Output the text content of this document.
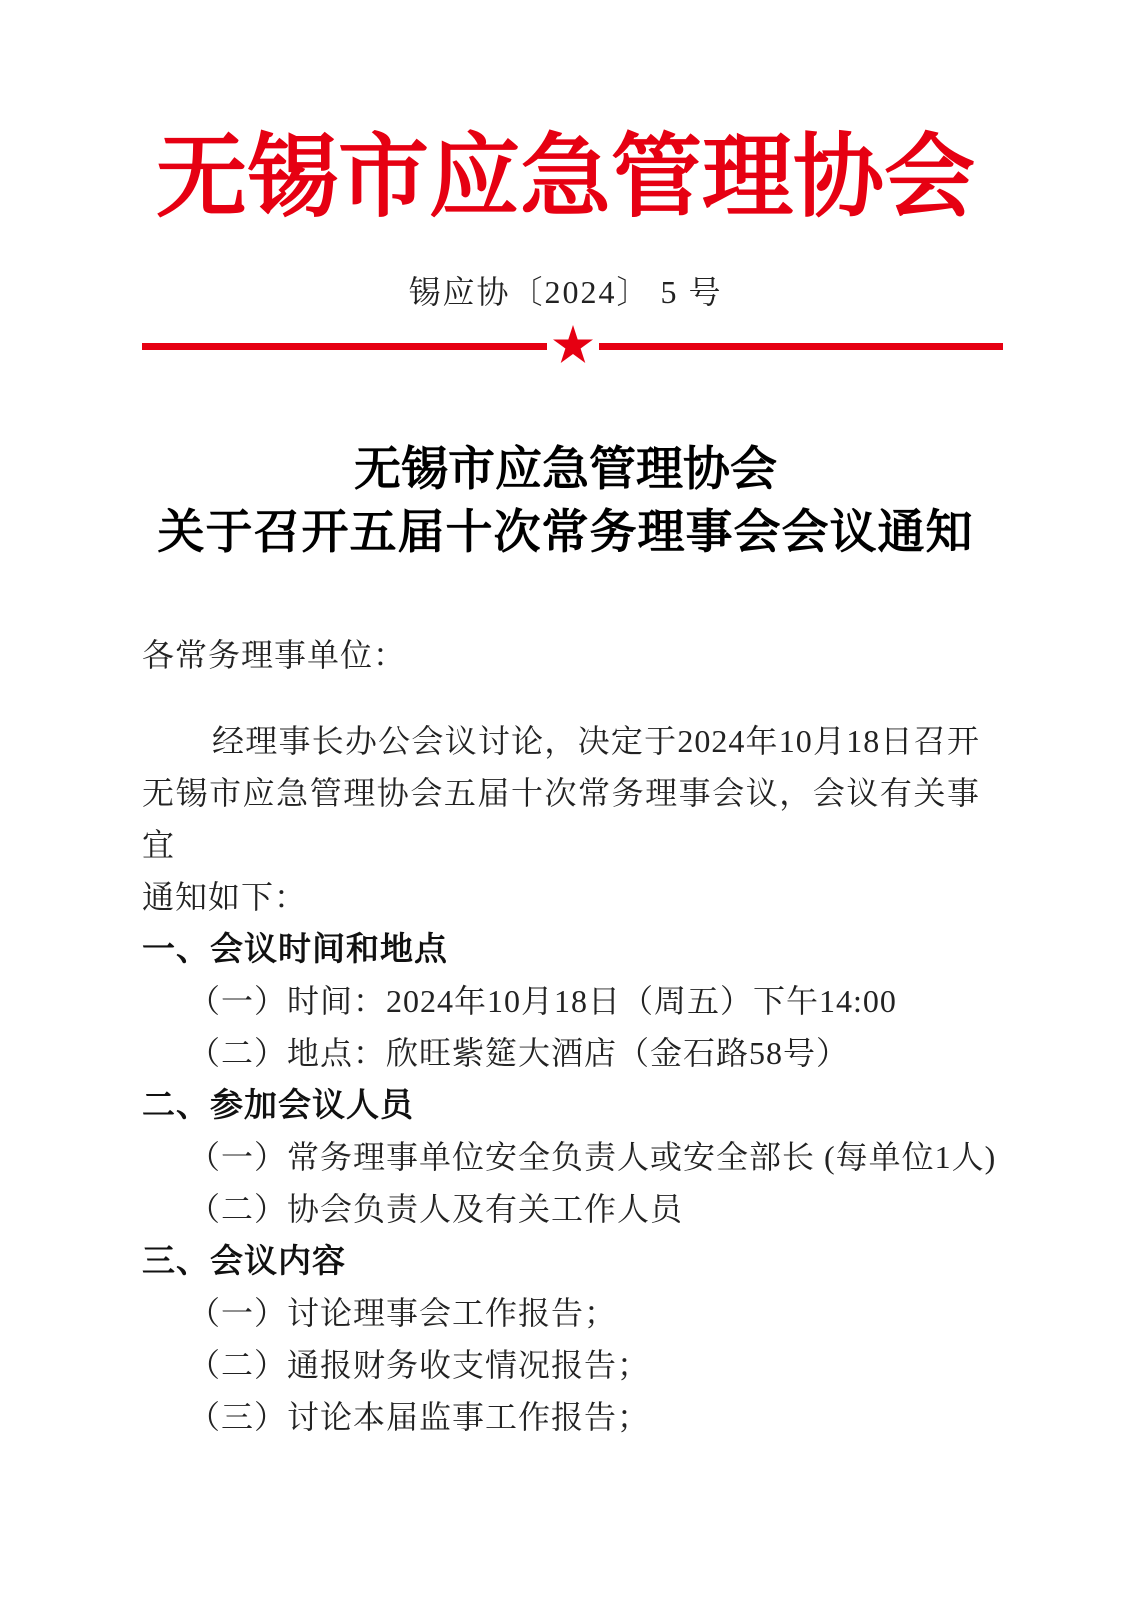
无锡市应急管理协会
锡应协〔2024〕 5 号
无锡市应急管理协会
关于召开五届十次常务理事会会议通知

各常务理事单位：

经理事长办公会议讨论，决定于2024年10月18日召开

无锡市应急管理协会五届十次常务理事会议，会议有关事宜

通知如下：

一、会议时间和地点

（一）时间：2024年10月18日（周五）下午14:00

（二）地点：欣旺紫筵大酒店（金石路58号）

二、参加会议人员

（一）常务理事单位安全负责人或安全部长 (每单位1人)

（二）协会负责人及有关工作人员

三、会议内容

（一）讨论理事会工作报告；

（二）通报财务收支情况报告；

（三）讨论本届监事工作报告；
